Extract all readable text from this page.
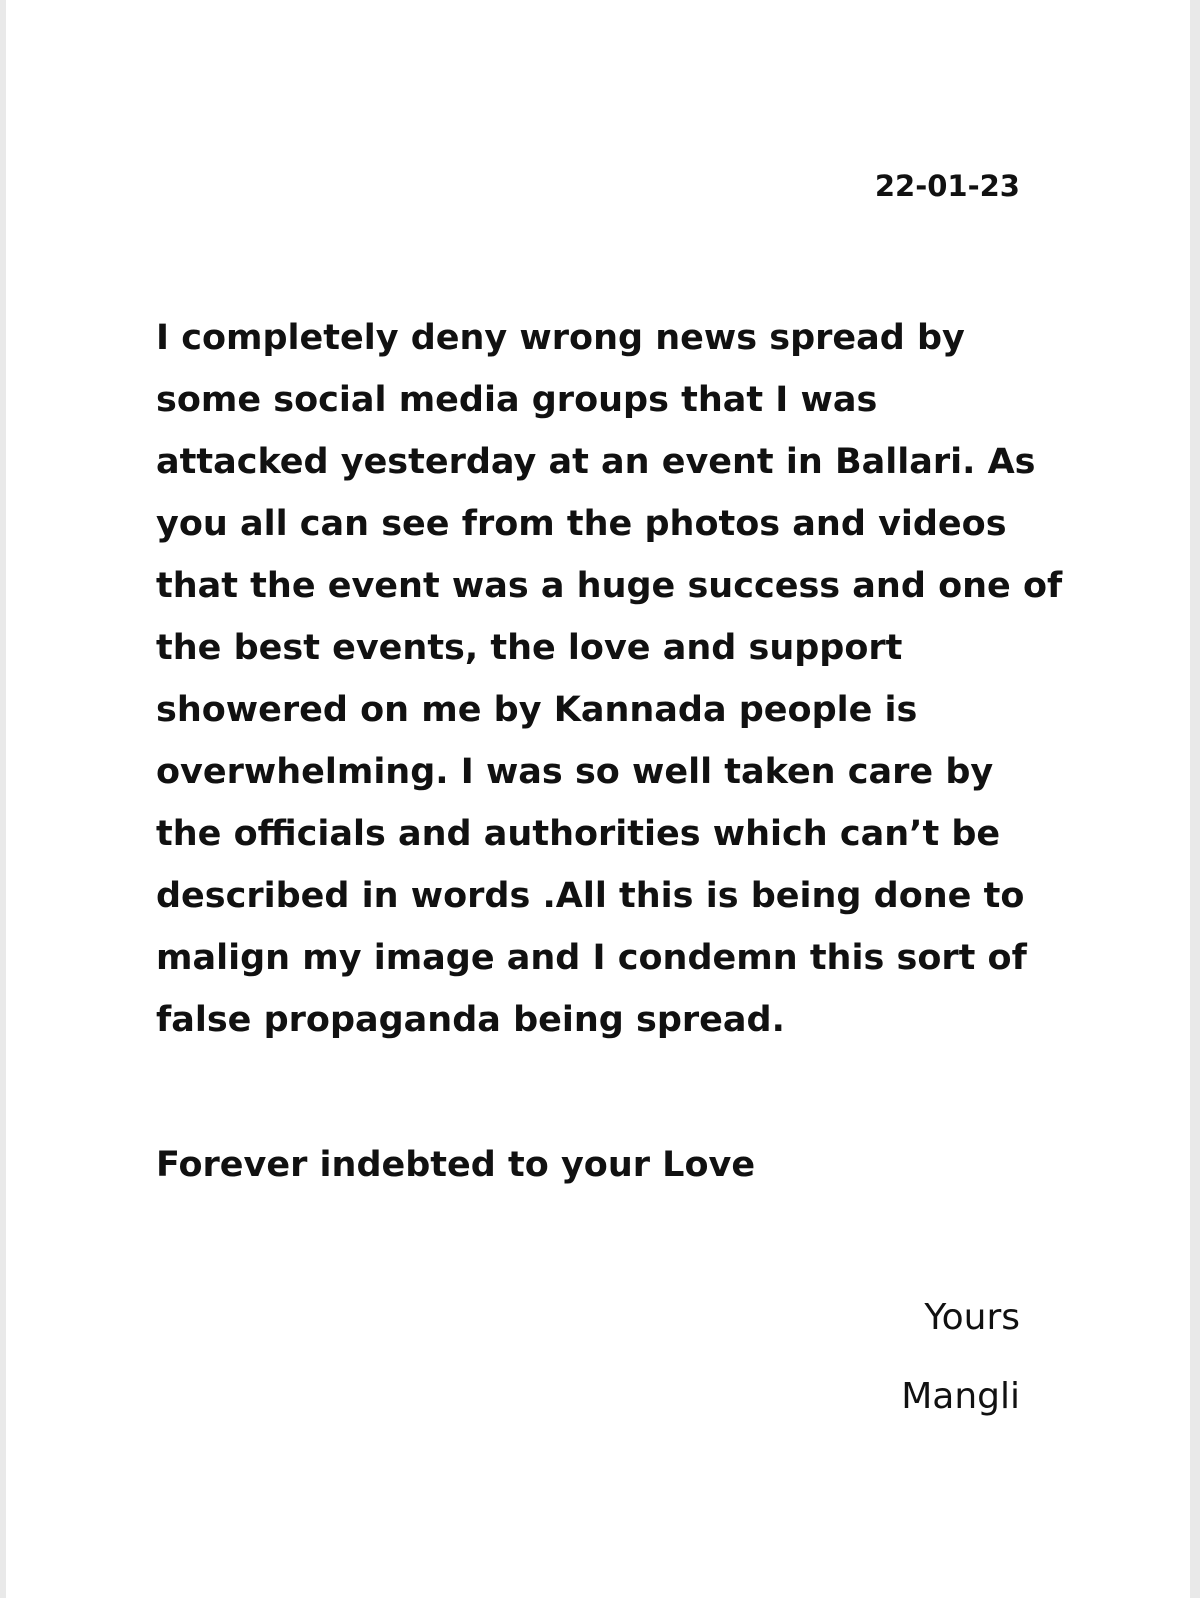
22-01-23

I completely deny wrong news spread by
some social media groups that I was
attacked yesterday at an event in Ballari. As
you all can see from the photos and videos
that the event was a huge success and one of
the best events, the love and support
showered on me by Kannada people is
overwhelming. I was so well taken care by
the officials and authorities which can’t be
described in words .All this is being done to
malign my image and I condemn this sort of
false propaganda being spread.

Forever indebted to your Love

Yours

Mangli
